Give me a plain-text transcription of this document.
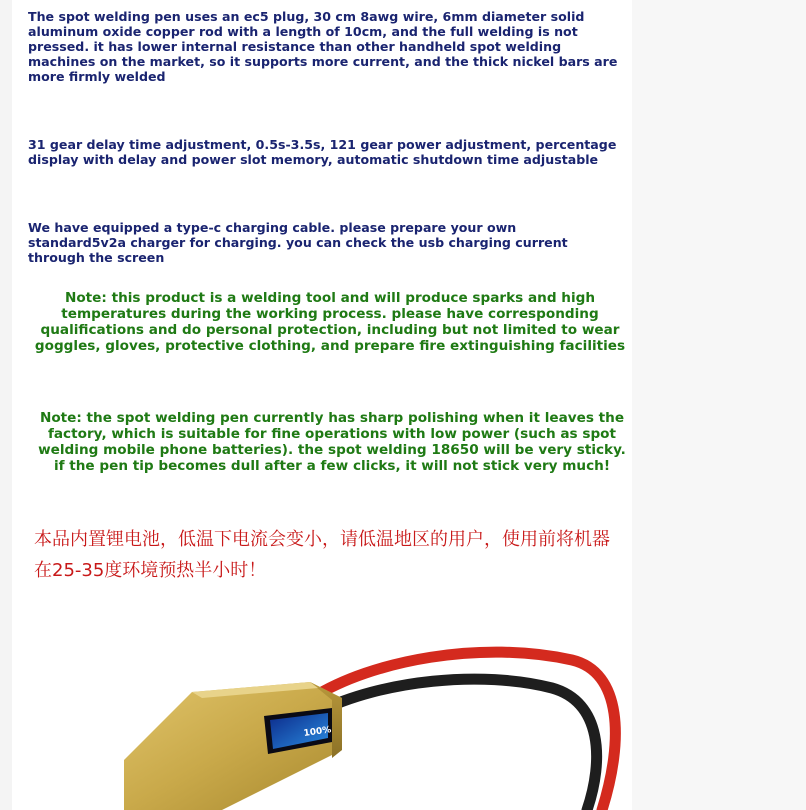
The spot welding pen uses an ec5 plug, 30 cm 8awg wire, 6mm diameter solid aluminum oxide copper rod with a length of 10cm, and the full welding is not pressed. it has lower internal resistance than other handheld spot welding machines on the market, so it supports more current, and the thick nickel bars are more firmly welded

31 gear delay time adjustment, 0.5s-3.5s, 121 gear power adjustment, percentage display with delay and power slot memory, automatic shutdown time adjustable

We have equipped a type-c charging cable. please prepare your own standard5v2a charger for charging. you can check the usb charging current through the screen

Note: this product is a welding tool and will produce sparks and high temperatures during the working process. please have corresponding qualifications and do personal protection, including but not limited to wear goggles, gloves, protective clothing, and prepare fire extinguishing facilities

Note: the spot welding pen currently has sharp polishing when it leaves the factory, which is suitable for fine operations with low power (such as spot welding mobile phone batteries). the spot welding 18650 will be very sticky. if the pen tip becomes dull after a few clicks, it will not stick very much!

本品内置锂电池，低温下电流会变小，请低温地区的用户，使用前将机器在25-35度环境预热半小时！

100%
